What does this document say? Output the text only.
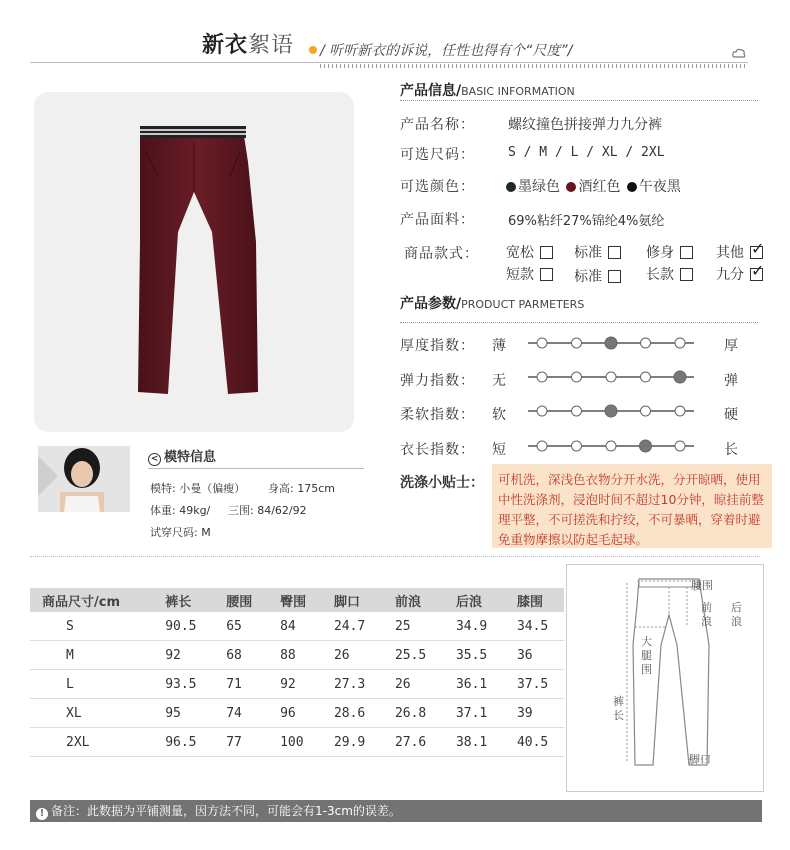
新衣絮语 / 听听新衣的诉说，任性也得有个“尺度”/
产品信息/BASIC INFORMATION
产品名称： 螺纹撞色拼接弹力九分裤
可选尺码：	S / M / L / XL / 2XL
可选颜色：	墨绿色 酒红色 午夜黑
产品面料：	69%粘纤27%锦纶4%氨纶
商品款式： 宽松	标准	修身	其他✓
短款	标准	长款	九分✓
产品参数/PRODUCT PARMETERS
厚度指数： 薄	厚
弹力指数： 无	弹
柔软指数： 软	硬
衣长指数： 短	长
< 模特信息
模特: 小曼（偏瘦） 身高: 175cm
体重: 49kg/ 三围: 84/62/92
试穿尺码: M
洗涤小贴士：	可机洗，深浅色衣物分开水洗，分开晾晒，使用中性洗涤剂，浸泡时间不超过10分钟，晾挂前整理平整，不可搓洗和拧绞，不可暴晒，穿着时避免重物摩擦以防起毛起球。
商品尺寸/cm	裤长	腰围	臀围	脚口	前浪	后浪	膝围
S	90.5	65	84	24.7	25	34.9	34.5
M	92	68	88	26	25.5	35.5	36
L	93.5	71	92	27.3	26	36.1	37.5
XL	95	74	96	28.6	26.8	37.1	39
2XL	96.5	77	100	29.9	27.6	38.1	40.5
腰围
前浪
后浪
大腿围
裤长
脚口
! 备注：此数据为平铺测量，因方法不同，可能会有1-3cm的误差。
